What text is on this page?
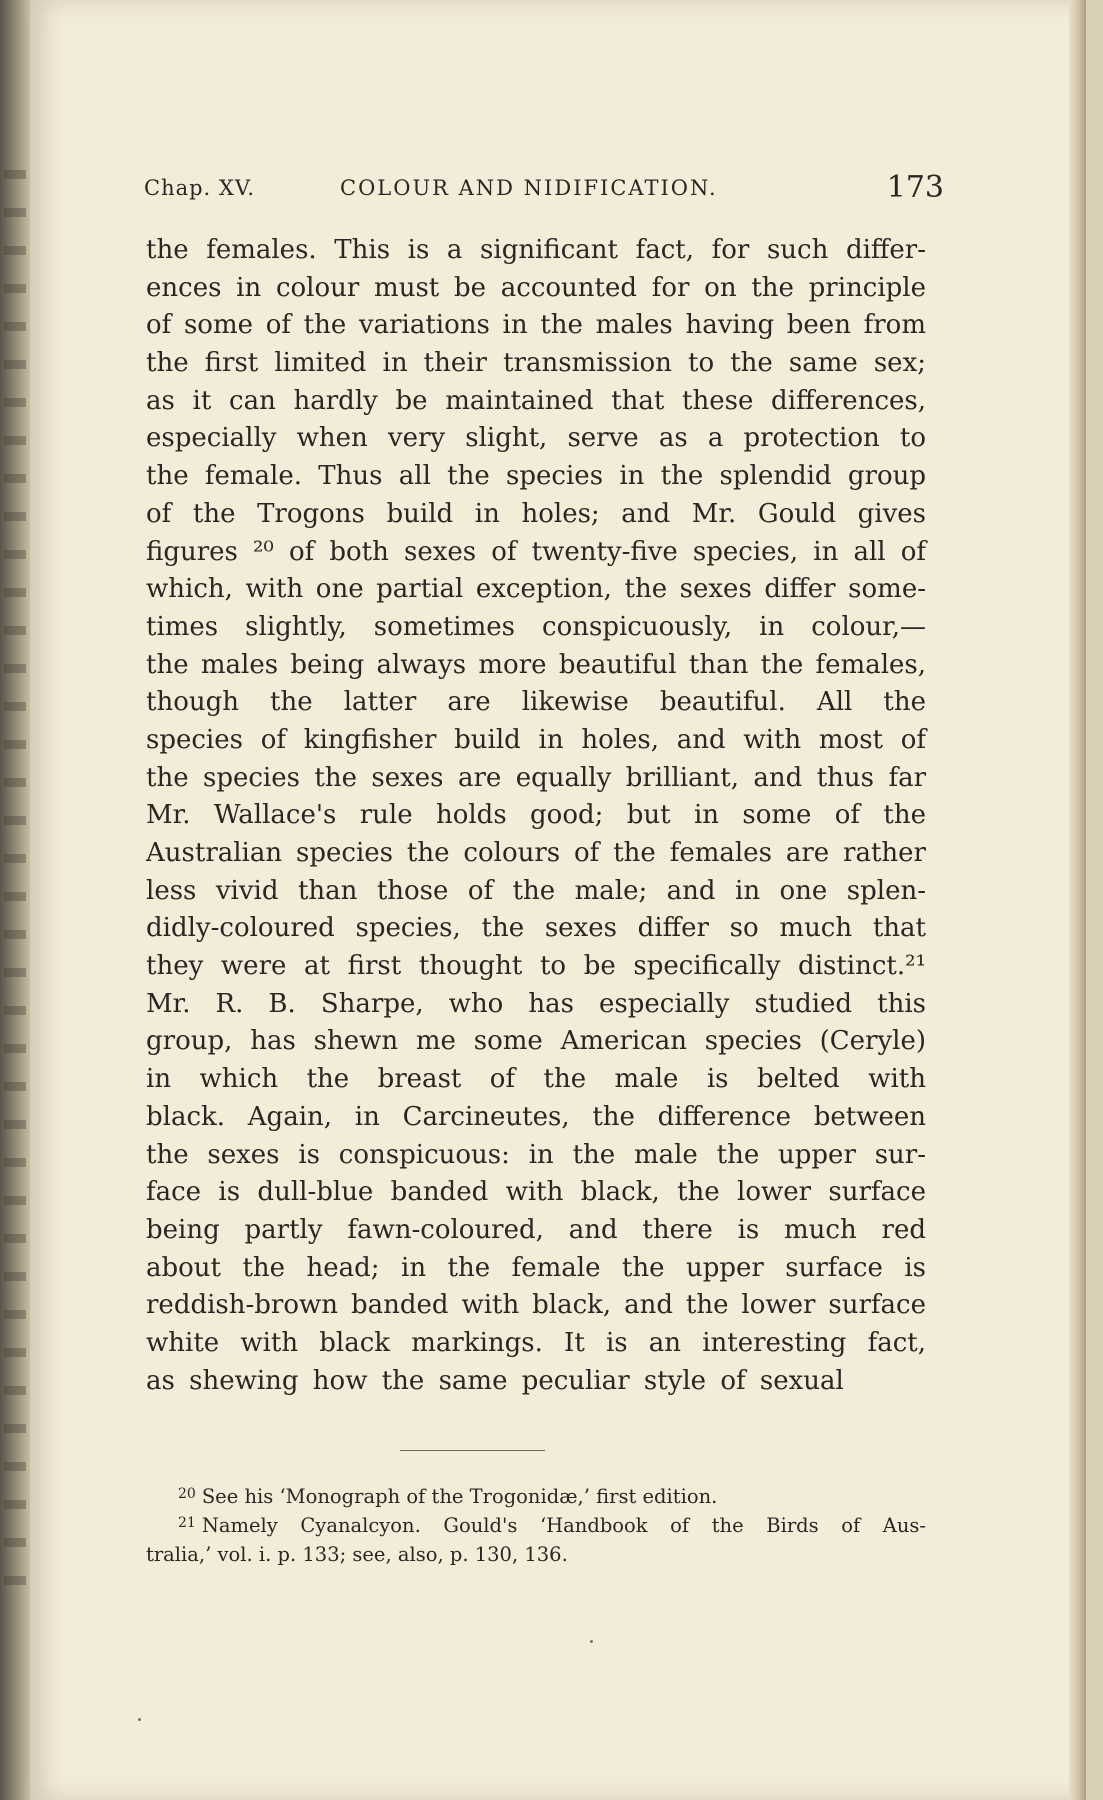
Chap. XV.	COLOUR AND NIDIFICATION.	173
the females. This is a significant fact, for such differ-
ences in colour must be accounted for on the principle
of some of the variations in the males having been from
the first limited in their transmission to the same sex;
as it can hardly be maintained that these differences,
especially when very slight, serve as a protection to
the female. Thus all the species in the splendid group
of the Trogons build in holes; and Mr. Gould gives
figures ²⁰ of both sexes of twenty-five species, in all of
which, with one partial exception, the sexes differ some-
times slightly, sometimes conspicuously, in colour,—
the males being always more beautiful than the females,
though the latter are likewise beautiful. All the
species of kingfisher build in holes, and with most of
the species the sexes are equally brilliant, and thus far
Mr. Wallace's rule holds good; but in some of the
Australian species the colours of the females are rather
less vivid than those of the male; and in one splen-
didly-coloured species, the sexes differ so much that
they were at first thought to be specifically distinct.²¹
Mr. R. B. Sharpe, who has especially studied this
group, has shewn me some American species (Ceryle)
in which the breast of the male is belted with
black. Again, in Carcineutes, the difference between
the sexes is conspicuous: in the male the upper sur-
face is dull-blue banded with black, the lower surface
being partly fawn-coloured, and there is much red
about the head; in the female the upper surface is
reddish-brown banded with black, and the lower surface
white with black markings. It is an interesting fact,
as shewing how the same peculiar style of sexual
$^{20}$ See his ‘Monograph of the Trogonidæ,’ first edition.
$^{21}$ Namely Cyanalcyon. Gould's ‘Handbook of the Birds of Aus-
tralia,’ vol. i. p. 133; see, also, p. 130, 136.
